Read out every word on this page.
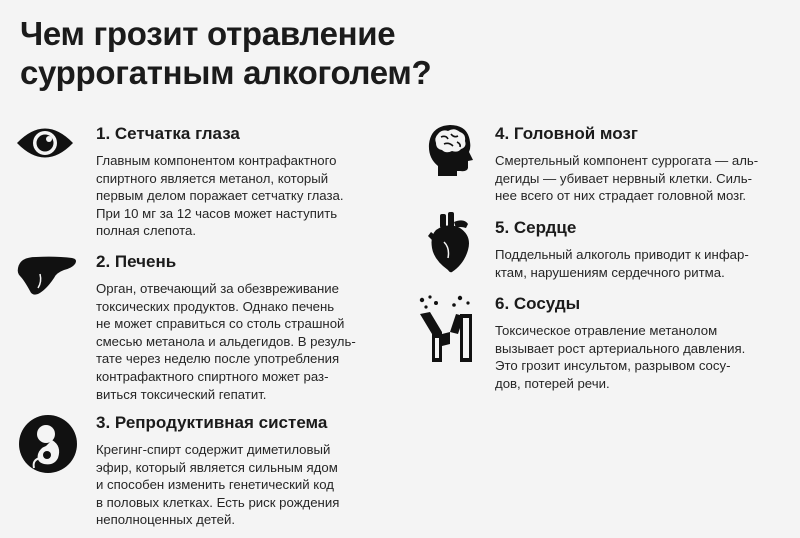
Чем грозит отравление
суррогатным алкоголем?
1. Сетчатка глаза

Главным компонентом контрафактного
спиртного является метанол, который
первым делом поражает сетчатку глаза.
При 10 мг за 12 часов может наступить
полная слепота.

2. Печень

Орган, отвечающий за обезвреживание
токсических продуктов. Однако печень
не может справиться со столь страшной
смесью метанола и альдегидов. В резуль-
тате через неделю после употребления
контрафактного спиртного может раз-
виться токсический гепатит.

3. Репродуктивная система

Крегинг-спирт содержит диметиловый
эфир, который является сильным ядом
и способен изменить генетический код
в половых клетках. Есть риск рождения
неполноценных детей.

4. Головной мозг

Смертельный компонент суррогата — аль-
дегиды — убивает нервный клетки. Силь-
нее всего от них страдает головной мозг.

5. Сердце

Поддельный алкоголь приводит к инфар-
ктам, нарушениям сердечного ритма.

6. Сосуды

Токсическое отравление метанолом
вызывает рост артериального давления.
Это грозит инсультом, разрывом сосу-
дов, потерей речи.
